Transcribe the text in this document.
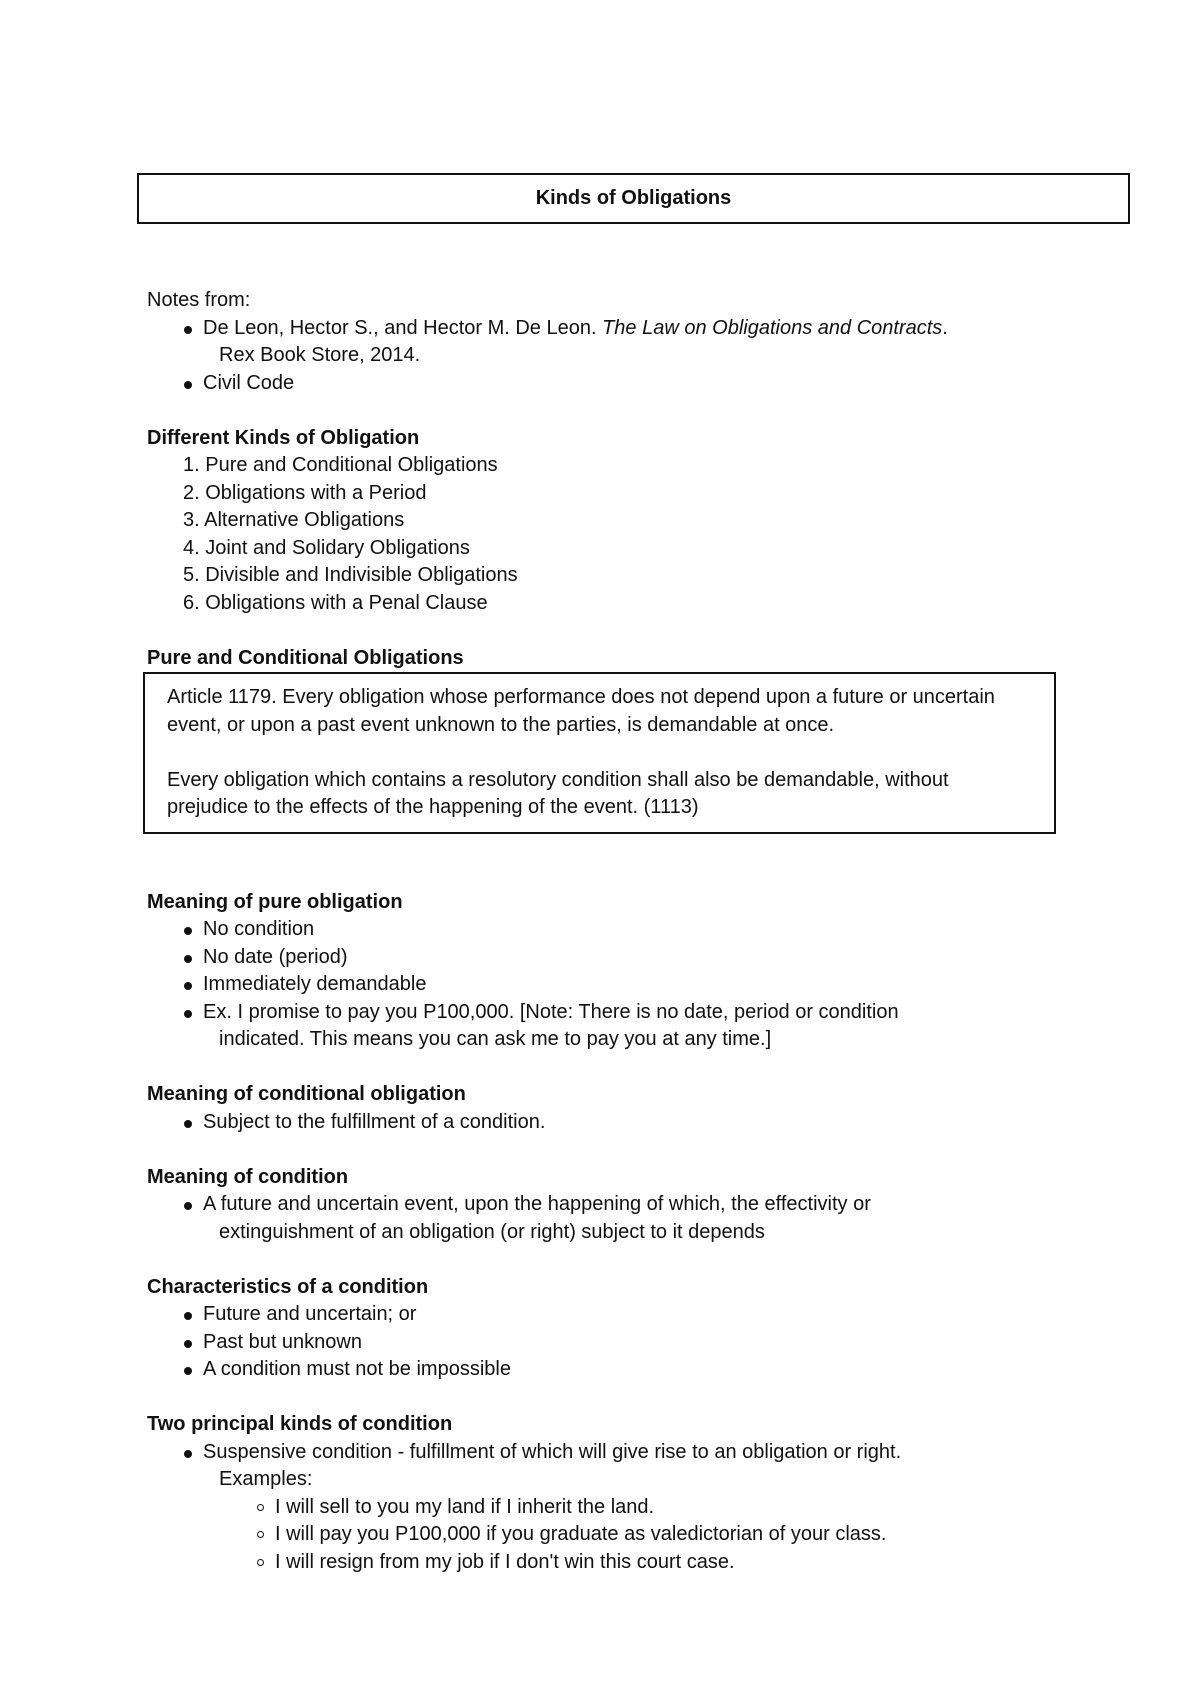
Kinds of Obligations

Notes from:

De Leon, Hector S., and Hector M. De Leon. The Law on Obligations and Contracts.
Rex Book Store, 2014.
Civil Code

Different Kinds of Obligation

1. Pure and Conditional Obligations
2. Obligations with a Period
3. Alternative Obligations
4. Joint and Solidary Obligations
5. Divisible and Indivisible Obligations
6. Obligations with a Penal Clause

Pure and Conditional Obligations

Article 1179. Every obligation whose performance does not depend upon a future or uncertain event, or upon a past event unknown to the parties, is demandable at once.

Every obligation which contains a resolutory condition shall also be demandable, without prejudice to the effects of the happening of the event. (1113)

Meaning of pure obligation

No condition
No date (period)
Immediately demandable
Ex. I promise to pay you P100,000. [Note: There is no date, period or condition
indicated. This means you can ask me to pay you at any time.]

Meaning of conditional obligation

Subject to the fulfillment of a condition.

Meaning of condition

A future and uncertain event, upon the happening of which, the effectivity or
extinguishment of an obligation (or right) subject to it depends

Characteristics of a condition

Future and uncertain; or
Past but unknown
A condition must not be impossible

Two principal kinds of condition

Suspensive condition - fulfillment of which will give rise to an obligation or right.

Examples:

I will sell to you my land if I inherit the land.
I will pay you P100,000 if you graduate as valedictorian of your class.
I will resign from my job if I don't win this court case.
